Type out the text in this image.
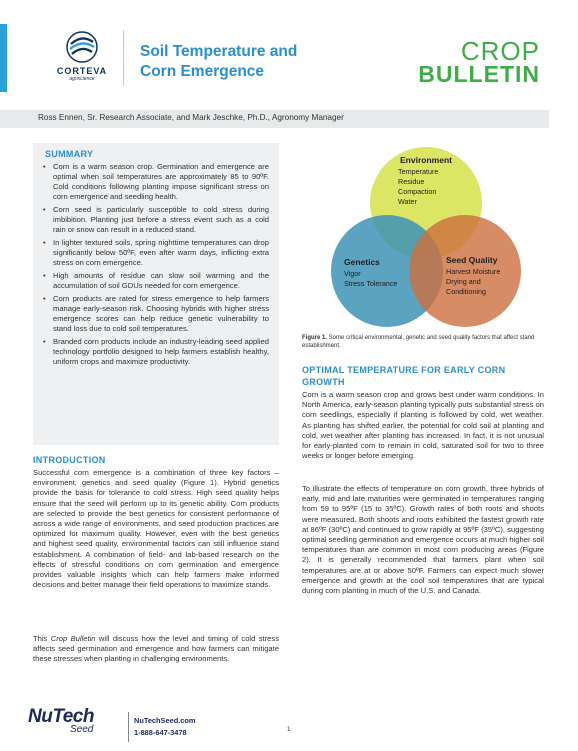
CORTEVA
agriscience
Soil Temperature and
Corn Emergence
CROP
BULLETIN
Ross Ennen, Sr. Research Associate, and Mark Jeschke, Ph.D., Agronomy Manager
SUMMARY
• Corn is a warm season crop. Germination and emergence are optimal when soil temperatures are approximately 85 to 90ºF. Cold conditions following planting impose significant stress on corn emergence and seedling health.
• Corn seed is particularly susceptible to cold stress during imbibition. Planting just before a stress event such as a cold rain or snow can result in a reduced stand.
• In lighter textured soils, spring nighttime temperatures can drop significantly below 50ºF, even after warm days, inflicting extra stress on corn emergence.
• High amounts of residue can slow soil warming and the accumulation of soil GDUs needed for corn emergence.
• Corn products are rated for stress emergence to help farmers manage early-season risk. Choosing hybrids with higher stress emergence scores can help reduce genetic vulnerability to stand loss due to cold soil temperatures.
• Branded corn products include an industry-leading seed applied technology portfolio designed to help farmers establish healthy, uniform crops and maximize productivity.
INTRODUCTION

Successful corn emergence is a combination of three key factors – environment, genetics and seed quality (Figure 1). Hybrid genetics provide the basis for tolerance to cold stress. High seed quality helps ensure that the seed will perform up to its genetic ability. Corn products are selected to provide the best genetics for consistent performance of across a wide range of environments, and seed production practices are optimized for maximum quality. However, even with the best genetics and highest seed quality, environmental factors can still influence stand establishment. A combination of field- and lab-based research on the effects of stressful conditions on corn germination and emergence provides valuable insights which can help farmers make informed decisions and better manage their field operations to maximize stands.

This Crop Bulletin will discuss how the level and timing of cold stress affects seed germination and emergence and how farmers can mitigate these stresses when planting in challenging environments.

Environment
Temperature
Residue
Compaction
Water
Genetics
Vigor
Stress Tolerance
Seed Quality
Harvest Moisture
Drying and
Conditioning
Figure 1. Some critical environmental, genetic and seed quality factors that affect stand establishment.
OPTIMAL TEMPERATURE FOR EARLY CORN GROWTH

Corn is a warm season crop and grows best under warm conditions. In North America, early-season planting typically puts substantial stress on corn seedlings, especially if planting is followed by cold, wet weather. As planting has shifted earlier, the potential for cold soil at planting and cold, wet weather after planting has increased. In fact, it is not unusual for early-planted corn to remain in cold, saturated soil for two to three weeks or longer before emerging.

To illustrate the effects of temperature on corn growth, three hybrids of early, mid and late maturities were germinated in temperatures ranging from 59 to 95ºF (15 to 35ºC). Growth rates of both roots and shoots were measured. Both shoots and roots exhibited the fastest growth rate at 86ºF (30ºC) and continued to grow rapidly at 95ºF (35ºC), suggesting optimal seedling germination and emergence occurs at much higher soil temperatures than are common in most corn producing areas (Figure 2). It is generally recommended that farmers plant when soil temperatures are at or above 50ºF. Farmers can expect much slower emergence and growth at the cool soil temperatures that are typical during corn planting in much of the U.S. and Canada.

NuTech
Seed
NuTechSeed.com
1-888-647-3478	1
